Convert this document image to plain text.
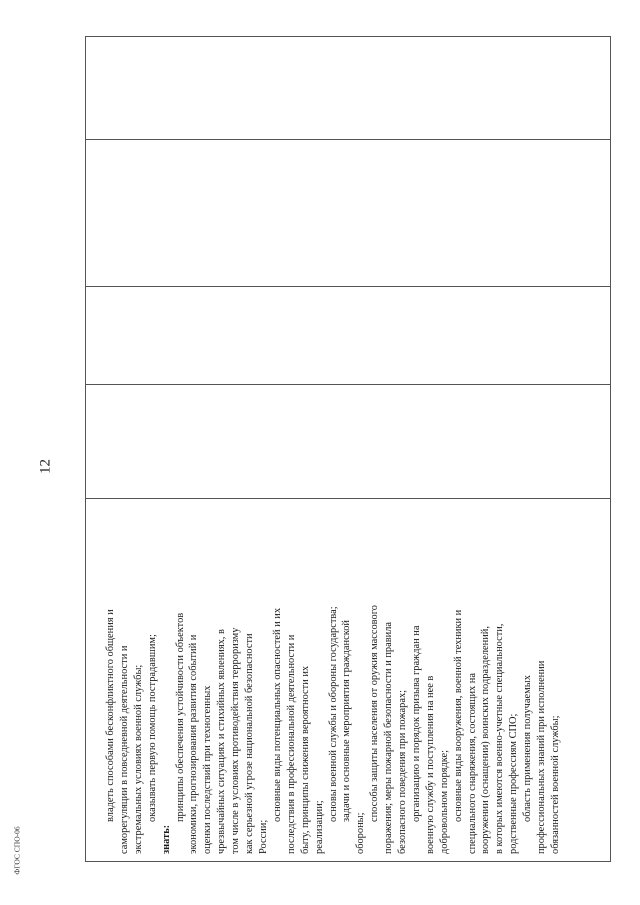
12
ФГОС СПО-06
владеть способами бесконфликтного общения и саморегуляции в повседневной деятельности и экстремальных условиях военной службы; оказывать первую помощь пострадавшим;
знать:
принципы обеспечения устойчивости объектов экономики, прогнозирования развития событий и оценки последствий при техногенных чрезвычайных ситуациях и стихийных явлениях, в том числе в условиях противодействия терроризму как серьезной угрозе национальной безопасности России;
основные виды потенциальных опасностей и их последствия в профессиональной деятельности и быту, принципы снижения вероятности их реализации;
основы военной службы и обороны государства; задачи и основные мероприятия гражданской
обороны;
способы защиты населения от оружия массового поражения; меры пожарной безопасности и правила безопасного поведения при пожарах; организацию и порядок призыва граждан на военную службу и поступления на нее в добровольном порядке; основные виды вооружения, военной техники и специального снаряжения, состоящих на вооружении (оснащении) воинских подразделений, в которых имеются военно-учетные специальности, родственные профессиям СПО; область применения получаемых профессиональных знаний при исполнении обязанностей военной службы;
